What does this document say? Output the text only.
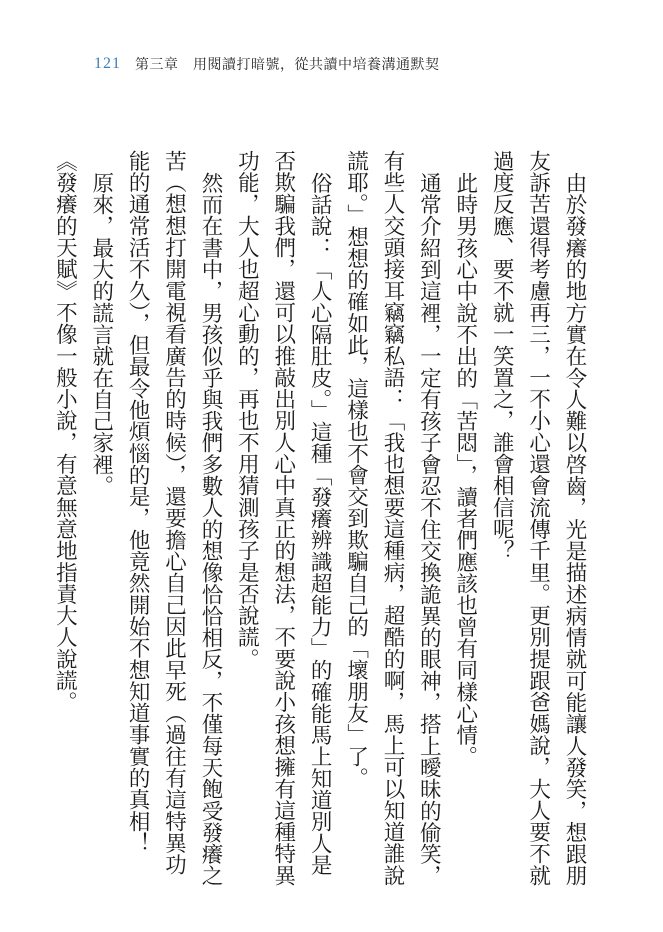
121 第三章　用閱讀打暗號，從共讀中培養溝通默契

由於發癢的地方實在令人難以啓齒，光是描述病情就可能讓人發笑，想跟朋友訴苦還得考慮再三，一不小心還會流傳千里。更別提跟爸媽說，大人要不就過度反應、要不就一笑置之，誰會相信呢？

此時男孩心中說不出的「苦悶」，讀者們應該也曾有同樣心情。

通常介紹到這裡，一定有孩子會忍不住交換詭異的眼神，搭上曖昧的偷笑，有些人交頭接耳竊竊私語：「我也想要這種病，超酷的啊，馬上可以知道誰說謊耶。」想想的確如此，這樣也不會交到欺騙自己的「壞朋友」了。

俗話說：「人心隔肚皮。」這種「發癢辨識超能力」的確能馬上知道別人是否欺騙我們，還可以推敲出別人心中真正的想法，不要說小孩想擁有這種特異功能，大人也超心動的，再也不用猜測孩子是否說謊。

然而在書中，男孩似乎與我們多數人的想像恰恰相反，不僅每天飽受發癢之苦（想想打開電視看廣告的時候），還要擔心自己因此早死（過往有這特異功能的通常活不久），但最令他煩惱的是，他竟然開始不想知道事實的真相！

原來，最大的謊言就在自己家裡。

《發癢的天賦》不像一般小說，有意無意地指責大人說謊。
